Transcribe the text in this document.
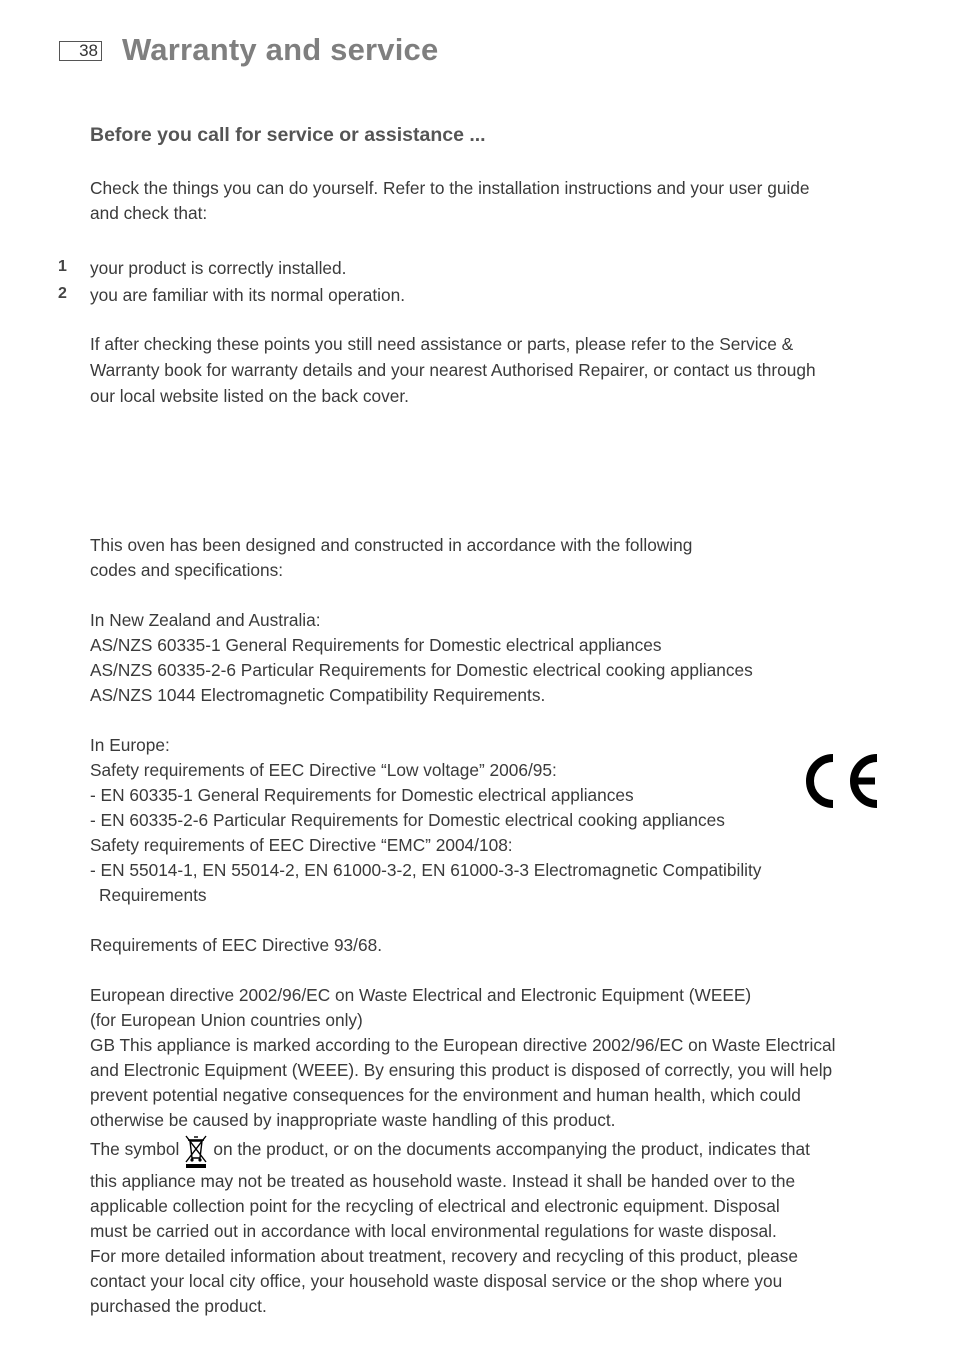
38 Warranty and service
Before you call for service or assistance ...
Check the things you can do yourself. Refer to the installation instructions and your user guide
and check that:
1 your product is correctly installed.
2 you are familiar with its normal operation.
If after checking these points you still need assistance or parts, please refer to the Service &
Warranty book for warranty details and your nearest Authorised Repairer, or contact us through
our local website listed on the back cover.
This oven has been designed and constructed in accordance with the following
codes and specifications:
In New Zealand and Australia:
AS/NZS 60335-1 General Requirements for Domestic electrical appliances
AS/NZS 60335-2-6 Particular Requirements for Domestic electrical cooking appliances
AS/NZS 1044 Electromagnetic Compatibility Requirements.
In Europe:
Safety requirements of EEC Directive “Low voltage” 2006/95:
- EN 60335-1 General Requirements for Domestic electrical appliances
- EN 60335-2-6 Particular Requirements for Domestic electrical cooking appliances
Safety requirements of EEC Directive “EMC” 2004/108:
- EN 55014-1, EN 55014-2, EN 61000-3-2, EN 61000-3-3 Electromagnetic Compatibility
Requirements
Requirements of EEC Directive 93/68.
European directive 2002/96/EC on Waste Electrical and Electronic Equipment (WEEE)
(for European Union countries only)
GB This appliance is marked according to the European directive 2002/96/EC on Waste Electrical
and Electronic Equipment (WEEE). By ensuring this product is disposed of correctly, you will help
prevent potential negative consequences for the environment and human health, which could
otherwise be caused by inappropriate waste handling of this product.
The symbol on the product, or on the documents accompanying the product, indicates that
this appliance may not be treated as household waste. Instead it shall be handed over to the
applicable collection point for the recycling of electrical and electronic equipment. Disposal
must be carried out in accordance with local environmental regulations for waste disposal.
For more detailed information about treatment, recovery and recycling of this product, please
contact your local city office, your household waste disposal service or the shop where you
purchased the product.
